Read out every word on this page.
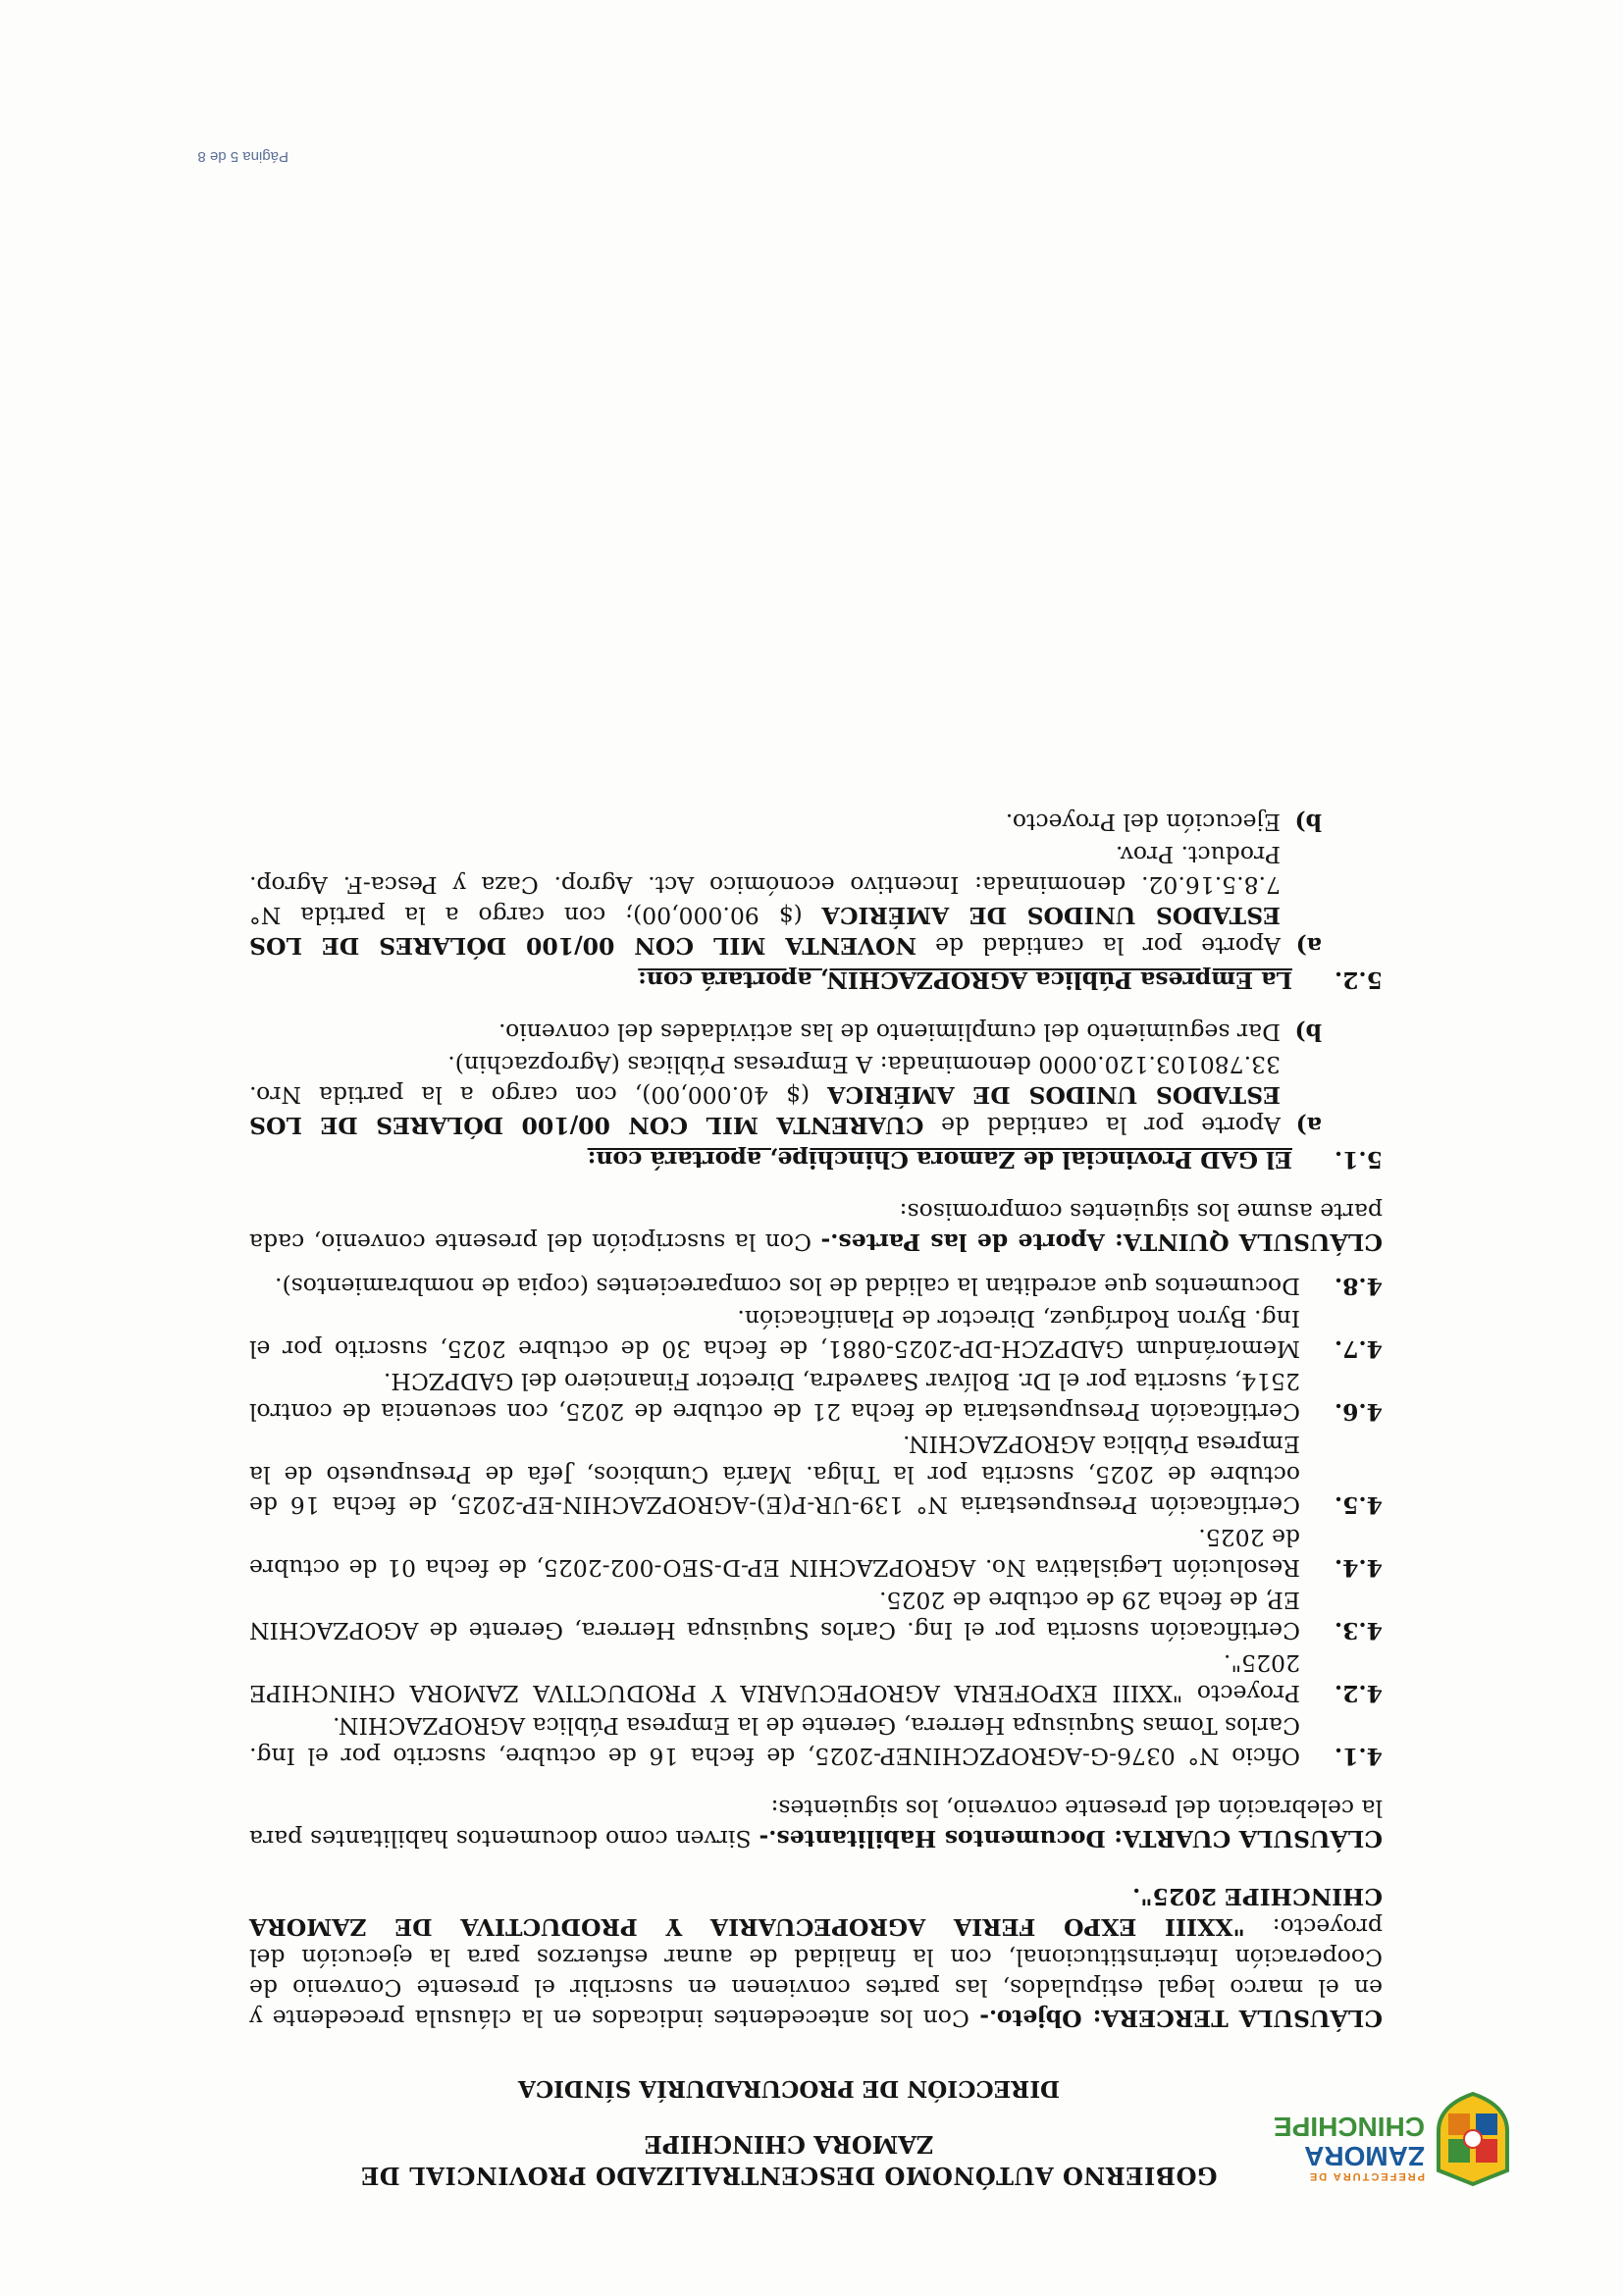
PREFECTURA DE
ZAMORA
CHINCHIPE
GOBIERNO AUTÓNOMO DESCENTRALIZADO PROVINCIAL DE
ZAMORA CHINCHIPE
DIRECCIÓN DE PROCURADURÍA SÍNDICA

CLÁUSULA TERCERA: Objeto.- Con los antecedentes indicados en la cláusula precedente y en el marco legal estipulados, las partes convienen en suscribir el presente Convenio de Cooperación Interinstitucional, con la finalidad de aunar esfuerzos para la ejecución del proyecto: "XXIII EXPO FERIA AGROPECUARIA Y PRODUCTIVA DE ZAMORA CHINCHIPE 2025".

CLÁUSULA CUARTA: Documentos Habilitantes.- Sirven como documentos habilitantes para la celebración del presente convenio, los siguientes:

4.1.
Oficio N° 0376-G-AGROPZCHINEP-2025, de fecha 16 de octubre, suscrito por el Ing. Carlos Tomas Suquisupa Herrera, Gerente de la Empresa Pública AGROPZACHIN.
4.2.
Proyecto "XXIII EXPOFERIA AGROPECUARIA Y PRODUCTIVA ZAMORA CHINCHIPE 2025".
4.3.
Certificación suscrita por el Ing. Carlos Suquisupa Herrera, Gerente de AGOPZACHIN EP, de fecha 29 de octubre de 2025.
4.4.
Resolución Legislativa No. AGROPZACHIN EP-D-SEO-002-2025, de fecha 01 de octubre de 2025.
4.5.
Certificación Presupuestaria N° 139-UR-P(E)-AGROPZACHIN-EP-2025, de fecha 16 de octubre de 2025, suscrita por la Tnlga. María Cumbicos, Jefa de Presupuesto de la Empresa Pública AGROPZACHIN.
4.6.
Certificación Presupuestaria de fecha 21 de octubre de 2025, con secuencia de control 2514, suscrita por el Dr. Bolívar Saavedra, Director Financiero del GADPZCH.
4.7.
Memorándum GADPZCH-DP-2025-0881, de fecha 30 de octubre 2025, suscrito por el Ing. Byron Rodríguez, Director de Planificación.
4.8.
Documentos que acreditan la calidad de los comparecientes (copia de nombramientos).

CLÁUSULA QUINTA: Aporte de las Partes.- Con la suscripción del presente convenio, cada parte asume los siguientes compromisos:

5.1.
El GAD Provincial de Zamora Chinchipe, aportará con:
a)
Aporte por la cantidad de CUARENTA MIL CON 00/100 DÓLARES DE LOS ESTADOS UNIDOS DE AMÉRICA ($ 40.000,00), con cargo a la partida Nro. 33.780103.120.0000 denominada: A Empresas Públicas (Agropzachin).
b)
Dar seguimiento del cumplimiento de las actividades del convenio.
5.2.
La Empresa Pública AGROPZACHIN, aportará con:
a)
Aporte por la cantidad de NOVENTA MIL CON 00/100 DÓLARES DE LOS ESTADOS UNIDOS DE AMÉRICA ($ 90.000,00); con cargo a la partida N° 7.8.5.16.02. denominada: Incentivo económico Act. Agrop. Caza y Pesca-F. Agrop. Product. Prov.
b)
Ejecución del Proyecto.
Página 5 de 8
